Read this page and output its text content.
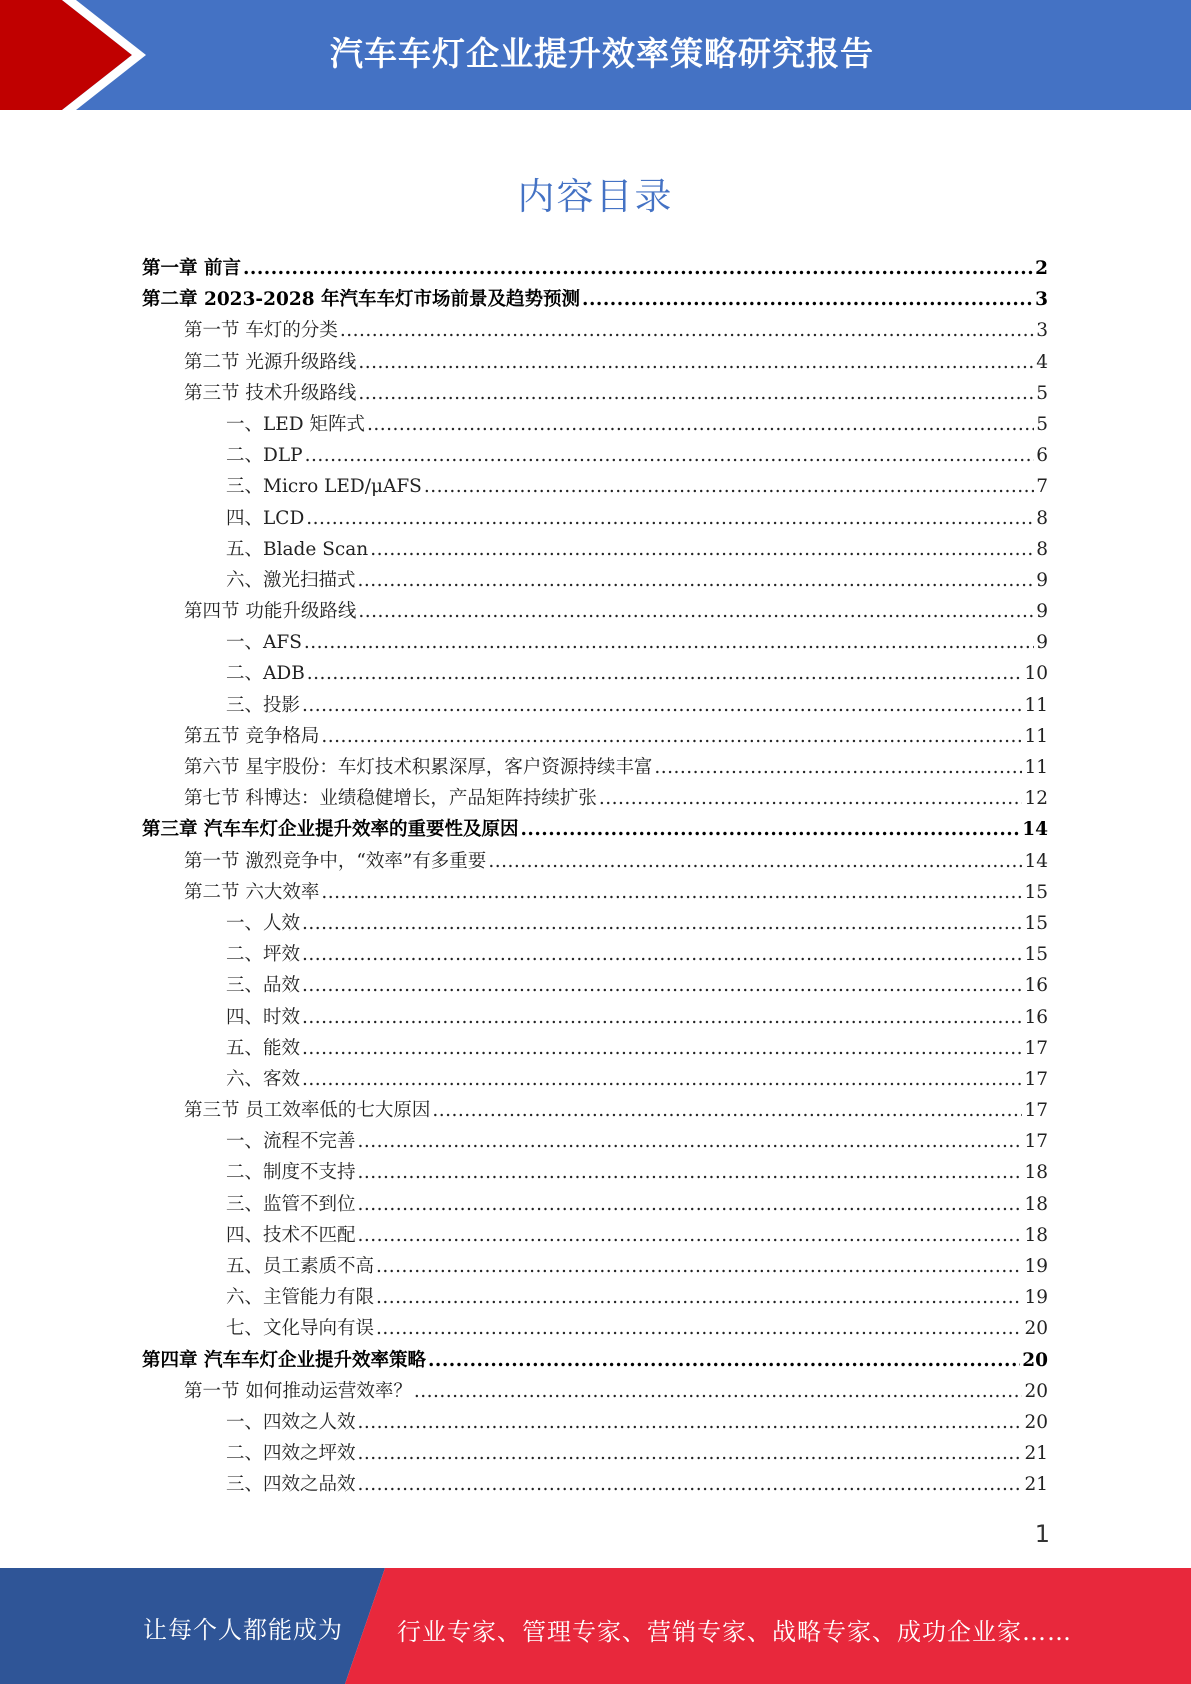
汽车车灯企业提升效率策略研究报告
内容目录
第一章 前言 .....	2
第二章 2023-2028 年汽车车灯市场前景及趋势预测 .....	3
第一节 车灯的分类 .....	3
第二节 光源升级路线 .....	4
第三节 技术升级路线 .....	5
一、LED 矩阵式 .....	5
二、DLP .....	6
三、Micro LED/μAFS .....	7
四、LCD .....	8
五、Blade Scan .....	8
六、激光扫描式 .....	9
第四节 功能升级路线 .....	9
一、AFS .....	9
二、ADB .....	10
三、投影 .....	11
第五节 竞争格局 .....	11
第六节 星宇股份：车灯技术积累深厚，客户资源持续丰富 .....	11
第七节 科博达：业绩稳健增长，产品矩阵持续扩张 .....	12
第三章 汽车车灯企业提升效率的重要性及原因 .....	14
第一节 激烈竞争中，“效率”有多重要 .....	14
第二节 六大效率 .....	15
一、人效 .....	15
二、坪效 .....	15
三、品效 .....	16
四、时效 .....	16
五、能效 .....	17
六、客效 .....	17
第三节 员工效率低的七大原因 .....	17
一、流程不完善 .....	17
二、制度不支持 .....	18
三、监管不到位 .....	18
四、技术不匹配 .....	18
五、员工素质不高 .....	19
六、主管能力有限 .....	19
七、文化导向有误 .....	20
第四章 汽车车灯企业提升效率策略 .....	20
第一节 如何推动运营效率？ .....	20
一、四效之人效 .....	20
二、四效之坪效 .....	21
三、四效之品效 .....	21
1
让每个人都能成为 行业专家、管理专家、营销专家、战略专家、成功企业家……
